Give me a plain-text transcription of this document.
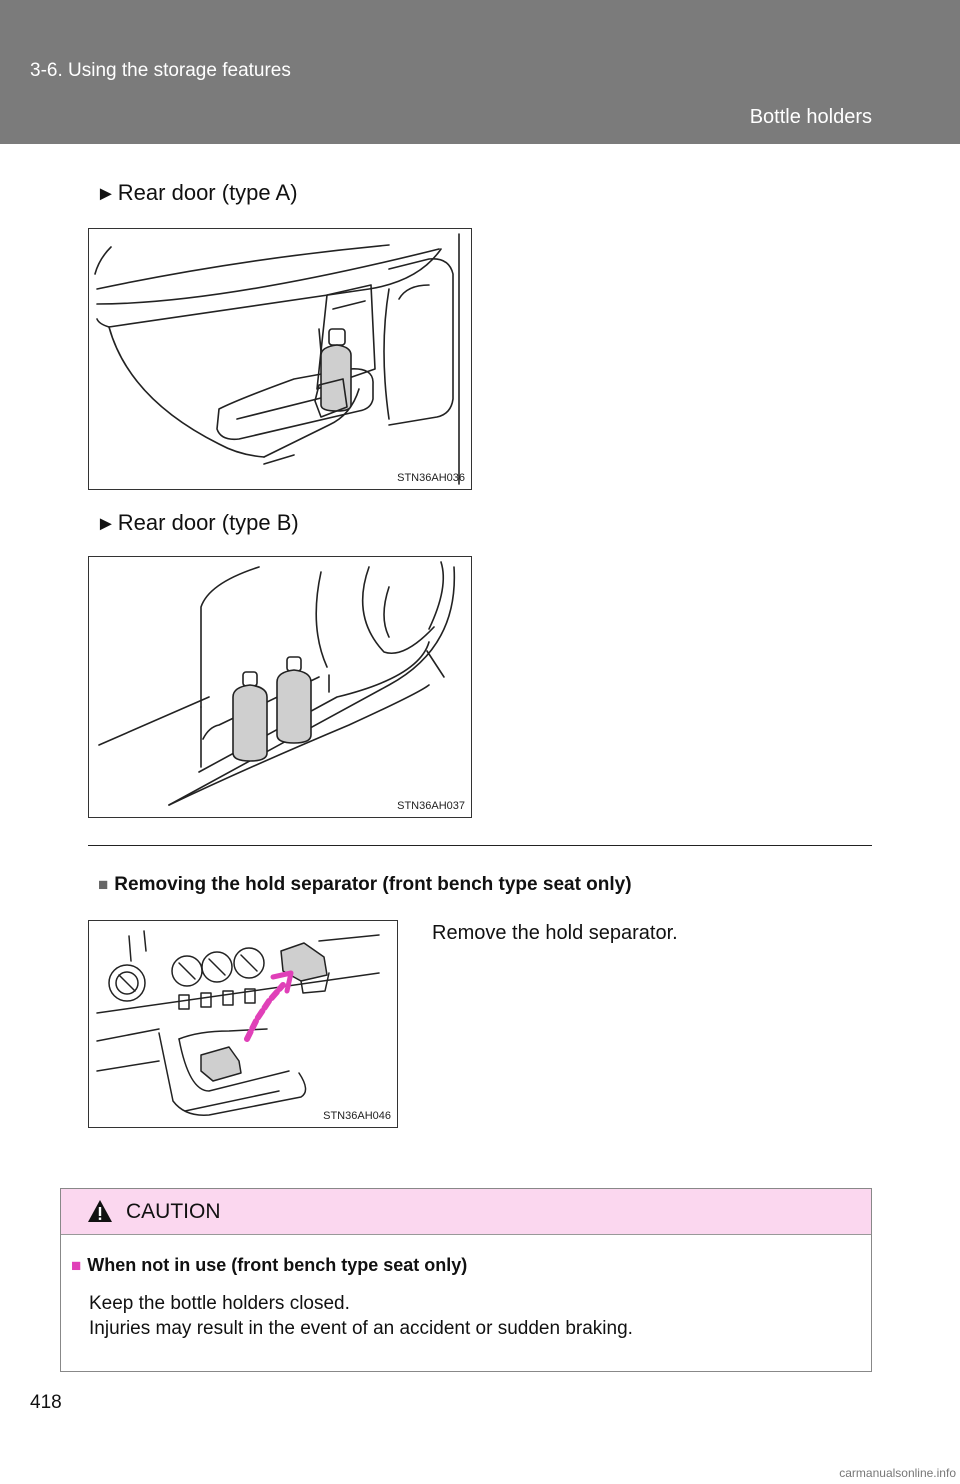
3-6. Using the storage features
Bottle holders
►Rear door (type A)
STN36AH036
►Rear door (type B)
STN36AH037
■ Removing the hold separator (front bench type seat only)
STN36AH046
Remove the hold separator.
CAUTION
■ When not in use (front bench type seat only)
Keep the bottle holders closed.
Injuries may result in the event of an accident or sudden braking.
418
carmanualsonline.info
